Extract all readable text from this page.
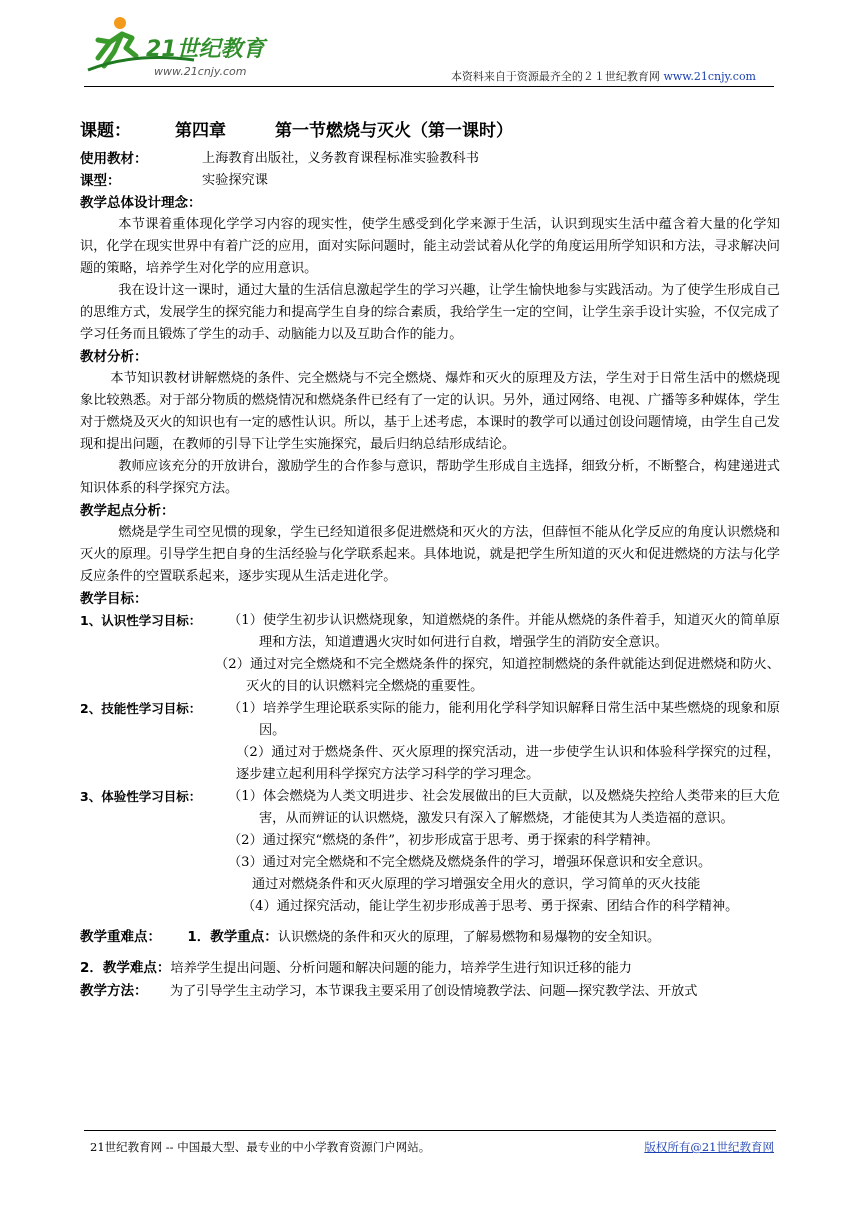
21世纪教育
www.21cnjy.com	本资料来自于资源最齐全的２１世纪教育网 www.21cnjy.com
课题：	第四章	第一节燃烧与灭火（第一课时）
使用教材：	上海教育出版社，义务教育课程标准实验教科书
课型：	实验探究课
教学总体设计理念：

本节课着重体现化学学习内容的现实性，使学生感受到化学来源于生活，认识到现实生活中蕴含着大量的化学知识，化学在现实世界中有着广泛的应用，面对实际问题时，能主动尝试着从化学的角度运用所学知识和方法，寻求解决问题的策略，培养学生对化学的应用意识。

我在设计这一课时，通过大量的生活信息激起学生的学习兴趣，让学生愉快地参与实践活动。为了使学生形成自己的思维方式，发展学生的探究能力和提高学生自身的综合素质，我给学生一定的空间，让学生亲手设计实验，不仅完成了学习任务而且锻炼了学生的动手、动脑能力以及互助合作的能力。

教材分析：

本节知识教材讲解燃烧的条件、完全燃烧与不完全燃烧、爆炸和灭火的原理及方法，学生对于日常生活中的燃烧现象比较熟悉。对于部分物质的燃烧情况和燃烧条件已经有了一定的认识。另外，通过网络、电视、广播等多种媒体，学生对于燃烧及灭火的知识也有一定的感性认识。所以，基于上述考虑，本课时的教学可以通过创设问题情境，由学生自己发现和提出问题，在教师的引导下让学生实施探究，最后归纳总结形成结论。

教师应该充分的开放讲台，激励学生的合作参与意识，帮助学生形成自主选择，细致分析，不断整合，构建递进式知识体系的科学探究方法。

教学起点分析：

燃烧是学生司空见惯的现象，学生已经知道很多促进燃烧和灭火的方法，但薛恒不能从化学反应的角度认识燃烧和灭火的原理。引导学生把自身的生活经验与化学联系起来。具体地说，就是把学生所知道的灭火和促进燃烧的方法与化学反应条件的空置联系起来，逐步实现从生活走进化学。

教学目标：
1、认识性学习目标：	（1）使学生初步认识燃烧现象，知道燃烧的条件。并能从燃烧的条件着手，知道灭火的简单原理和方法，知道遭遇火灾时如何进行自救，增强学生的消防安全意识。

（2）通过对完全燃烧和不完全燃烧条件的探究，知道控制燃烧的条件就能达到促进燃烧和防火、灭火的目的认识燃料完全燃烧的重要性。

2、技能性学习目标：	（1）培养学生理论联系实际的能力，能利用化学科学知识解释日常生活中某些燃烧的现象和原因。

（2）通过对于燃烧条件、灭火原理的探究活动，进一步使学生认识和体验科学探究的过程，逐步建立起利用科学探究方法学习科学的学习理念。

3、体验性学习目标：	（1）体会燃烧为人类文明进步、社会发展做出的巨大贡献，以及燃烧失控给人类带来的巨大危害，从而辨证的认识燃烧，激发只有深入了解燃烧，才能使其为人类造福的意识。

（2）通过探究“燃烧的条件”，初步形成富于思考、勇于探索的科学精神。

（3）通过对完全燃烧和不完全燃烧及燃烧条件的学习，增强环保意识和安全意识。

通过对燃烧条件和灭火原理的学习增强安全用火的意识，学习简单的灭火技能

（4）通过探究活动，能让学生初步形成善于思考、勇于探索、团结合作的科学精神。

教学重难点： 1．教学重点：认识燃烧的条件和灭火的原理，了解易燃物和易爆物的安全知识。
2．教学难点：培养学生提出问题、分析问题和解决问题的能力，培养学生进行知识迁移的能力
教学方法： 为了引导学生主动学习，本节课我主要采用了创设情境教学法、问题—探究教学法、开放式
21世纪教育网 -- 中国最大型、最专业的中小学教育资源门户网站。	版权所有@21世纪教育网
